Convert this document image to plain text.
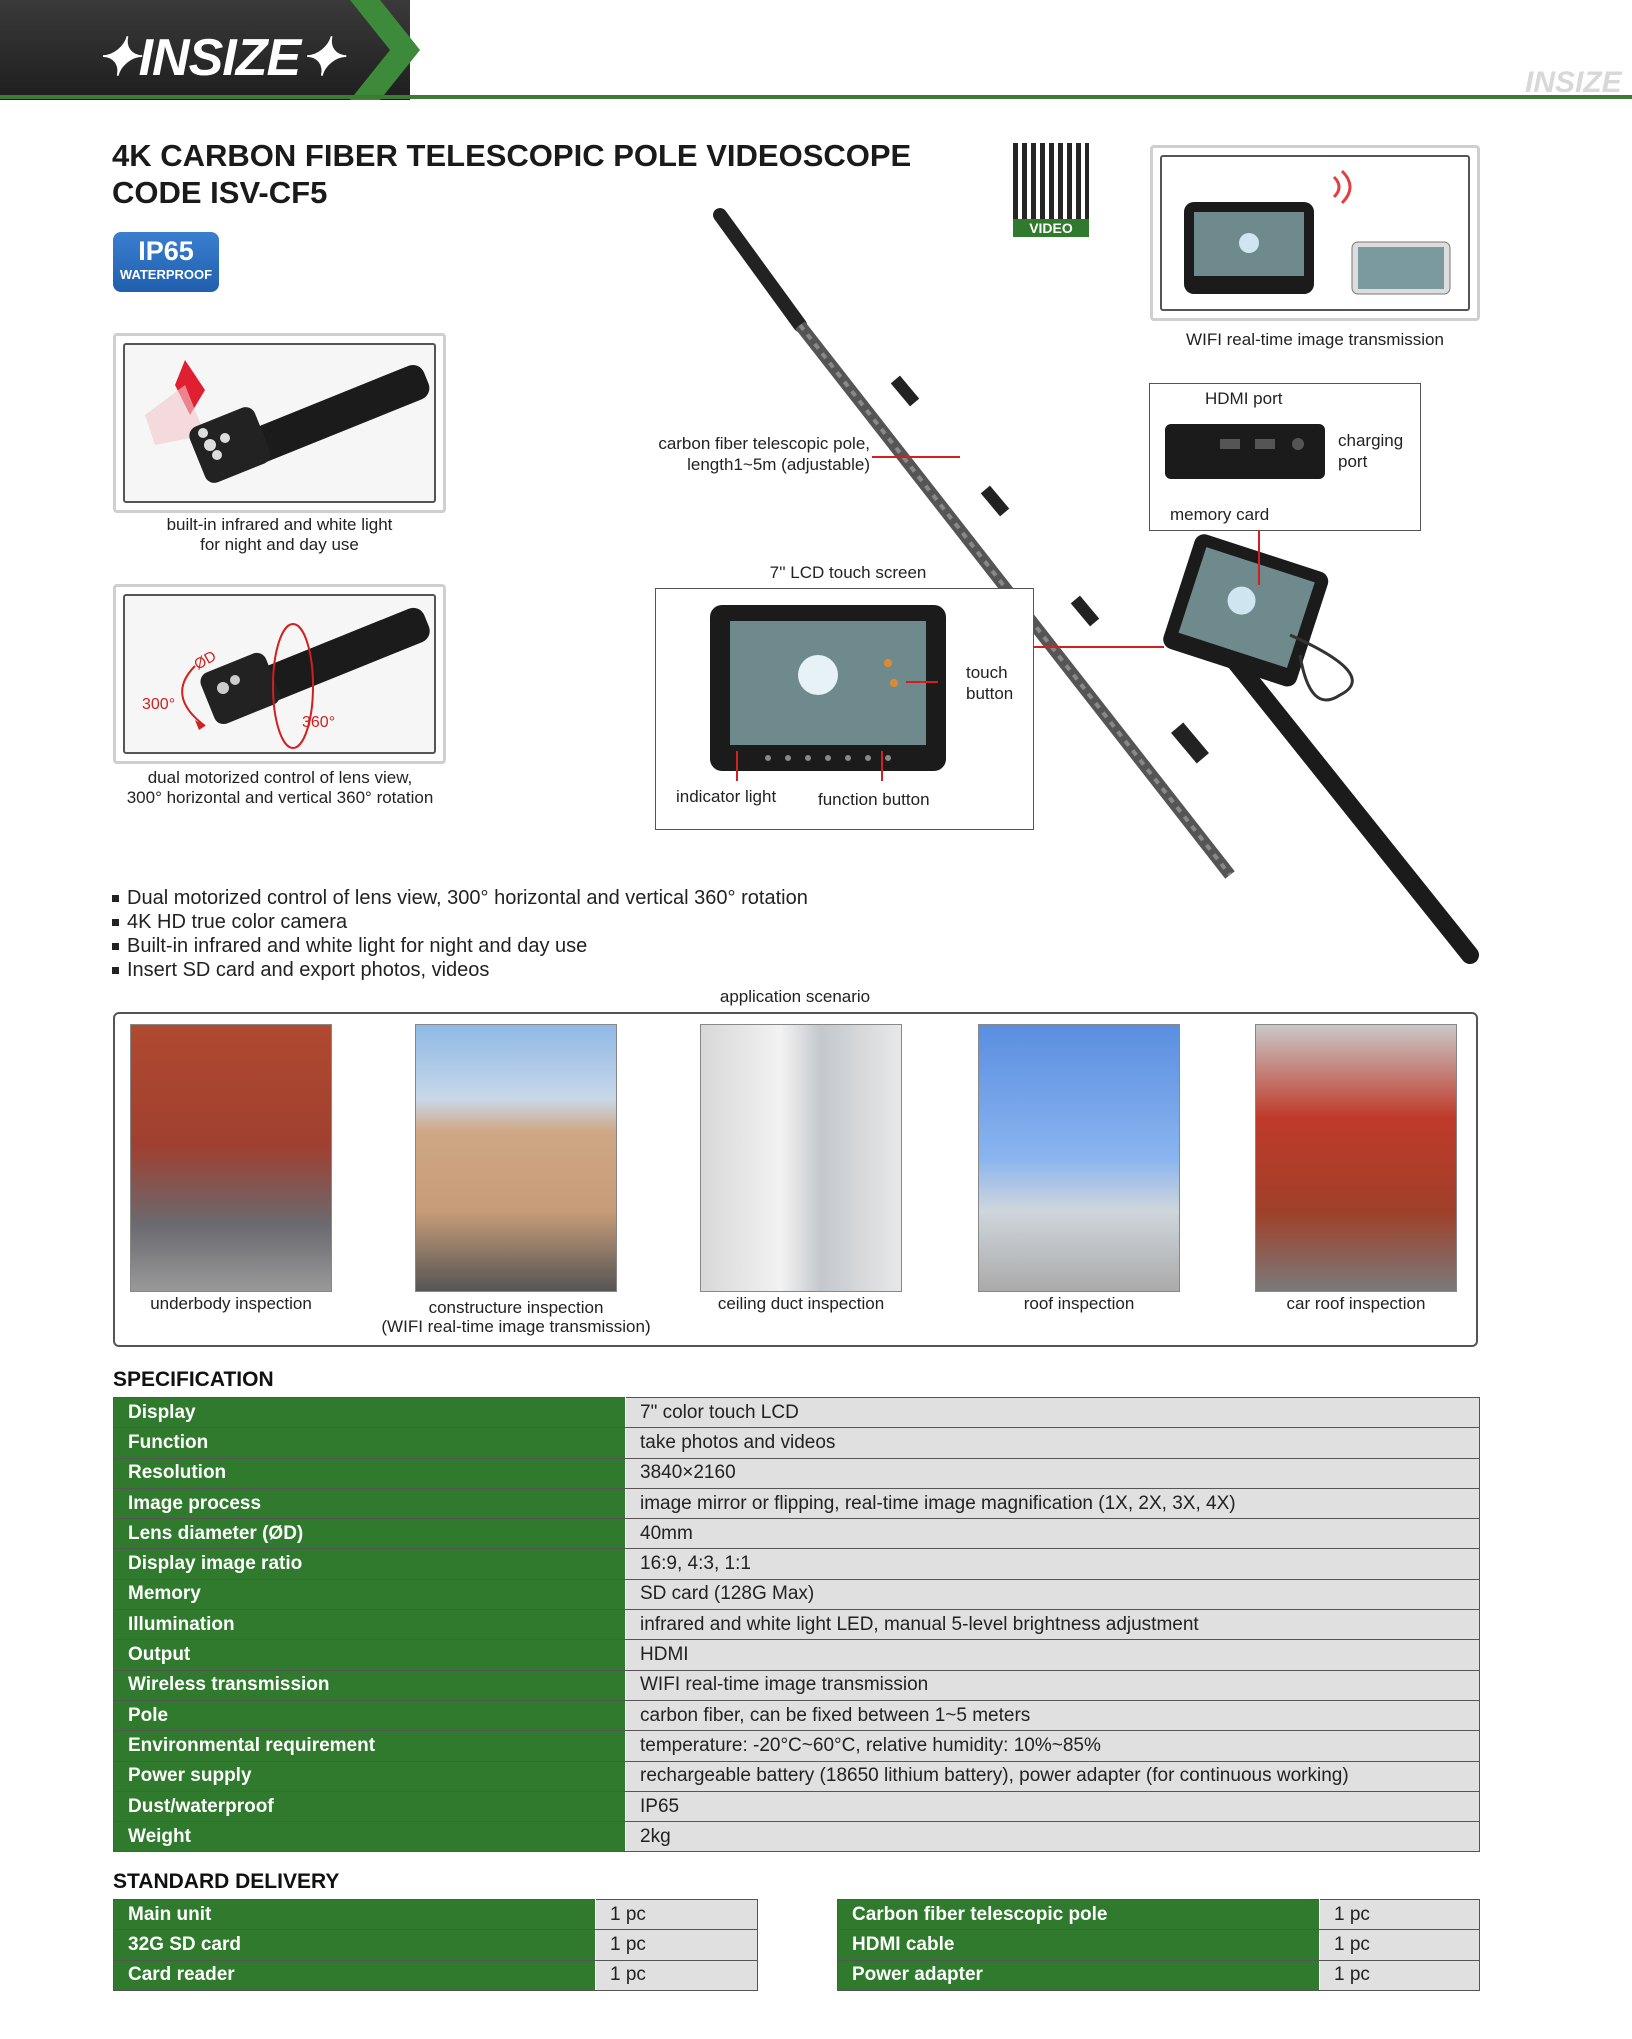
✦INSIZE✦	INSIZE
4K CARBON FIBER TELESCOPIC POLE VIDEOSCOPE
CODE ISV-CF5
IP65
WATERPROOF
VIDEO
built-in infrared and white light
for night and day use
300°
360°
ØD
dual motorized control of lens view,
300° horizontal and vertical 360° rotation
carbon fiber telescopic pole,
length1~5m (adjustable)
WIFI real-time image transmission
HDMI port
charging
port
memory card
7'' LCD touch screen
touch
button
indicator light function button
Dual motorized control of lens view, 300° horizontal and vertical 360° rotation
4K HD true color camera
Built-in infrared and white light for night and day use
Insert SD card and export photos, videos
application scenario
underbody inspection	constructure inspection
(WIFI real-time image transmission)
ceiling duct inspection	roof inspection	car roof inspection
SPECIFICATION
Display	7" color touch LCD
Function	take photos and videos
Resolution	3840×2160
Image process	image mirror or flipping, real-time image magnification (1X, 2X, 3X, 4X)
Lens diameter (ØD)	40mm
Display image ratio	16:9, 4:3, 1:1
Memory	SD card (128G Max)
Illumination	infrared and white light LED, manual 5-level brightness adjustment
Output	HDMI
Wireless transmission	WIFI real-time image transmission
Pole	carbon fiber, can be fixed between 1~5 meters
Environmental requirement	temperature: -20°C~60°C, relative humidity: 10%~85%
Power supply	rechargeable battery (18650 lithium battery), power adapter (for continuous working)
Dust/waterproof	IP65
Weight	2kg
STANDARD DELIVERY
Main unit	1 pc
32G SD card	1 pc
Card reader	1 pc
Carbon fiber telescopic pole	1 pc
HDMI cable	1 pc
Power adapter	1 pc
